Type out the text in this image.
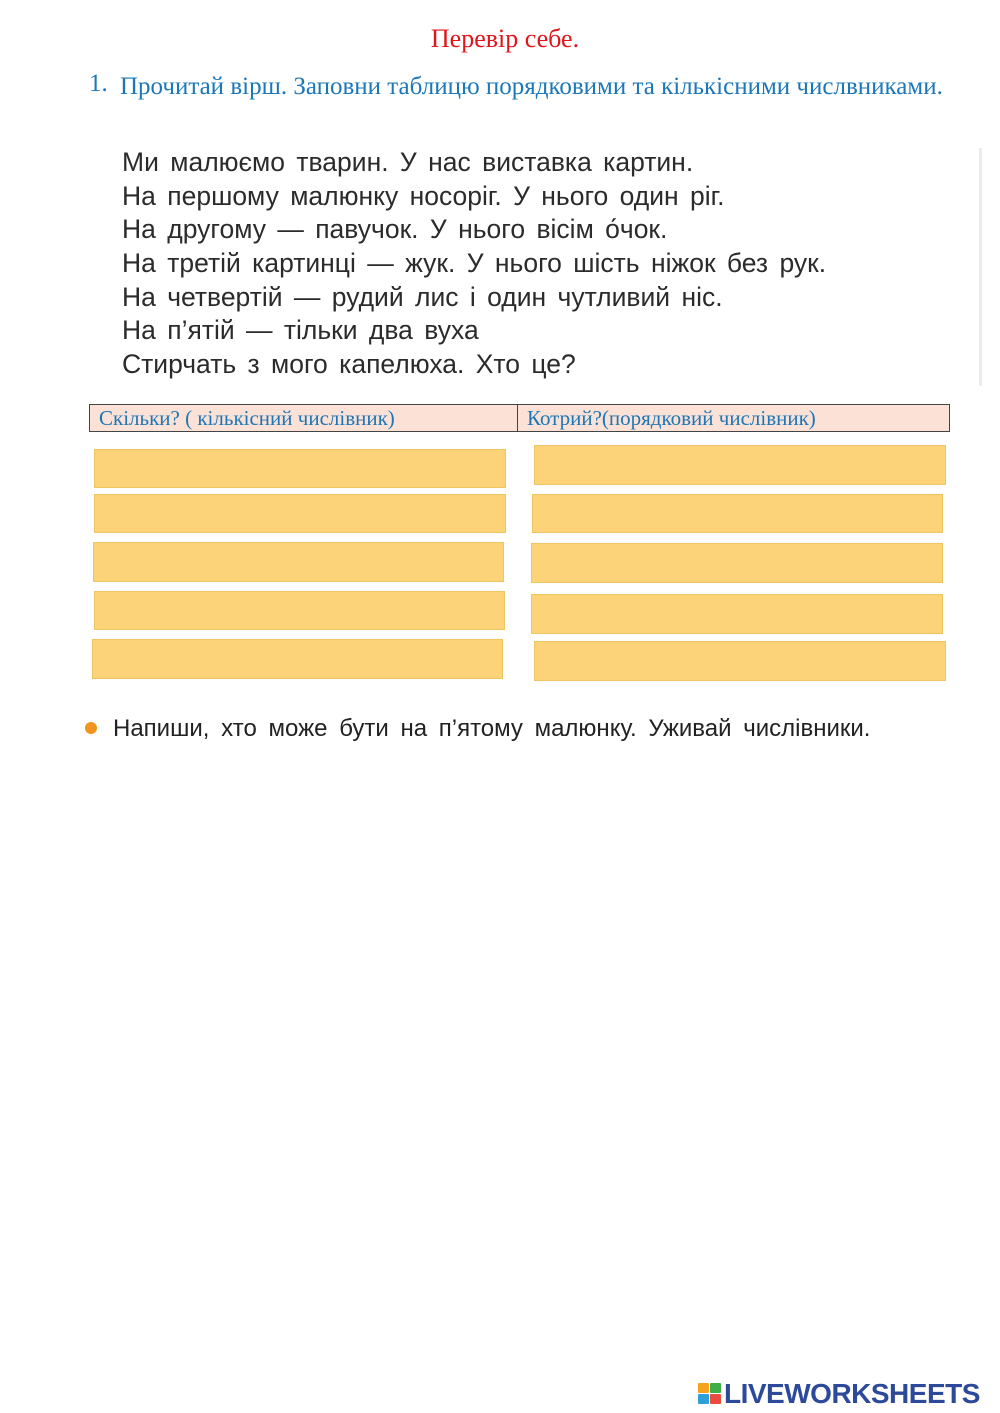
Перевір себе.
1. Прочитай вірш. Заповни таблицю порядковими та кількісними числвниками.
Ми малюємо тварин. У нас виставка картин.
На першому малюнку носоріг. У нього один ріг.
На другому — павучок. У нього вісім о́чок.
На третій картинці — жук. У нього шість ніжок без рук.
На четвертій — рудий лис і один чутливий ніс.
На п’ятій — тільки два вуха
Стирчать з мого капелюха. Хто це?
Скільки? ( кількісний числівник)	Котрий?(порядковий числівник)
Напиши, хто може бути на п’ятому малюнку. Уживай числівники.
LIVEWORKSHEETS
